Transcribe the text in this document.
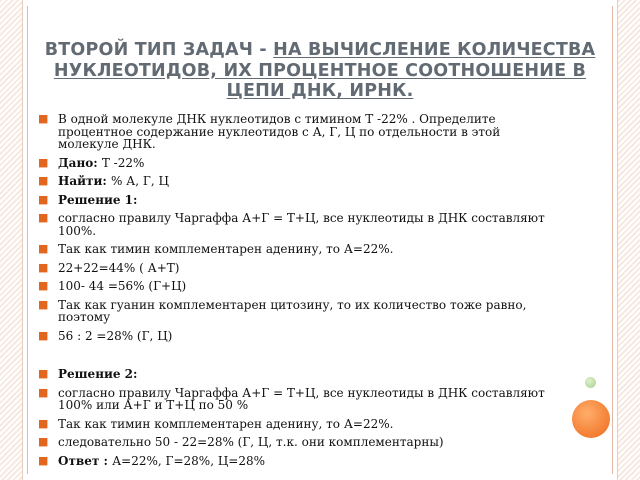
ВТОРОЙ ТИП ЗАДАЧ - НА ВЫЧИСЛЕНИЕ КОЛИЧЕСТВА НУКЛЕОТИДОВ, ИХ ПРОЦЕНТНОЕ СООТНОШЕНИЕ В ЦЕПИ ДНК, ИРНК.
■
В одной молекуле ДНК нуклеотидов с тимином Т -22% . Определите процентное содержание нуклеотидов с А, Г, Ц по отдельности в этой молекуле ДНК.
■
Дано: Т -22%
■
Найти: % А, Г, Ц
■
Решение 1:
■
согласно правилу Чаргаффа А+Г = Т+Ц, все нуклеотиды в ДНК составляют 100%.
■
Так как тимин комплементарен аденину, то А=22%.
■
22+22=44% ( А+Т)
■
100- 44 =56% (Г+Ц)
■
Так как гуанин комплементарен цитозину, то их количество тоже равно, поэтому
■
56 : 2 =28% (Г, Ц)
■
Решение 2:
■
согласно правилу Чаргаффа А+Г = Т+Ц, все нуклеотиды в ДНК составляют 100% или А+Г и Т+Ц по 50 %
■
Так как тимин комплементарен аденину, то А=22%.
■
следовательно 50 - 22=28% (Г, Ц, т.к. они комплементарны)
■
Ответ : А=22%, Г=28%, Ц=28%
